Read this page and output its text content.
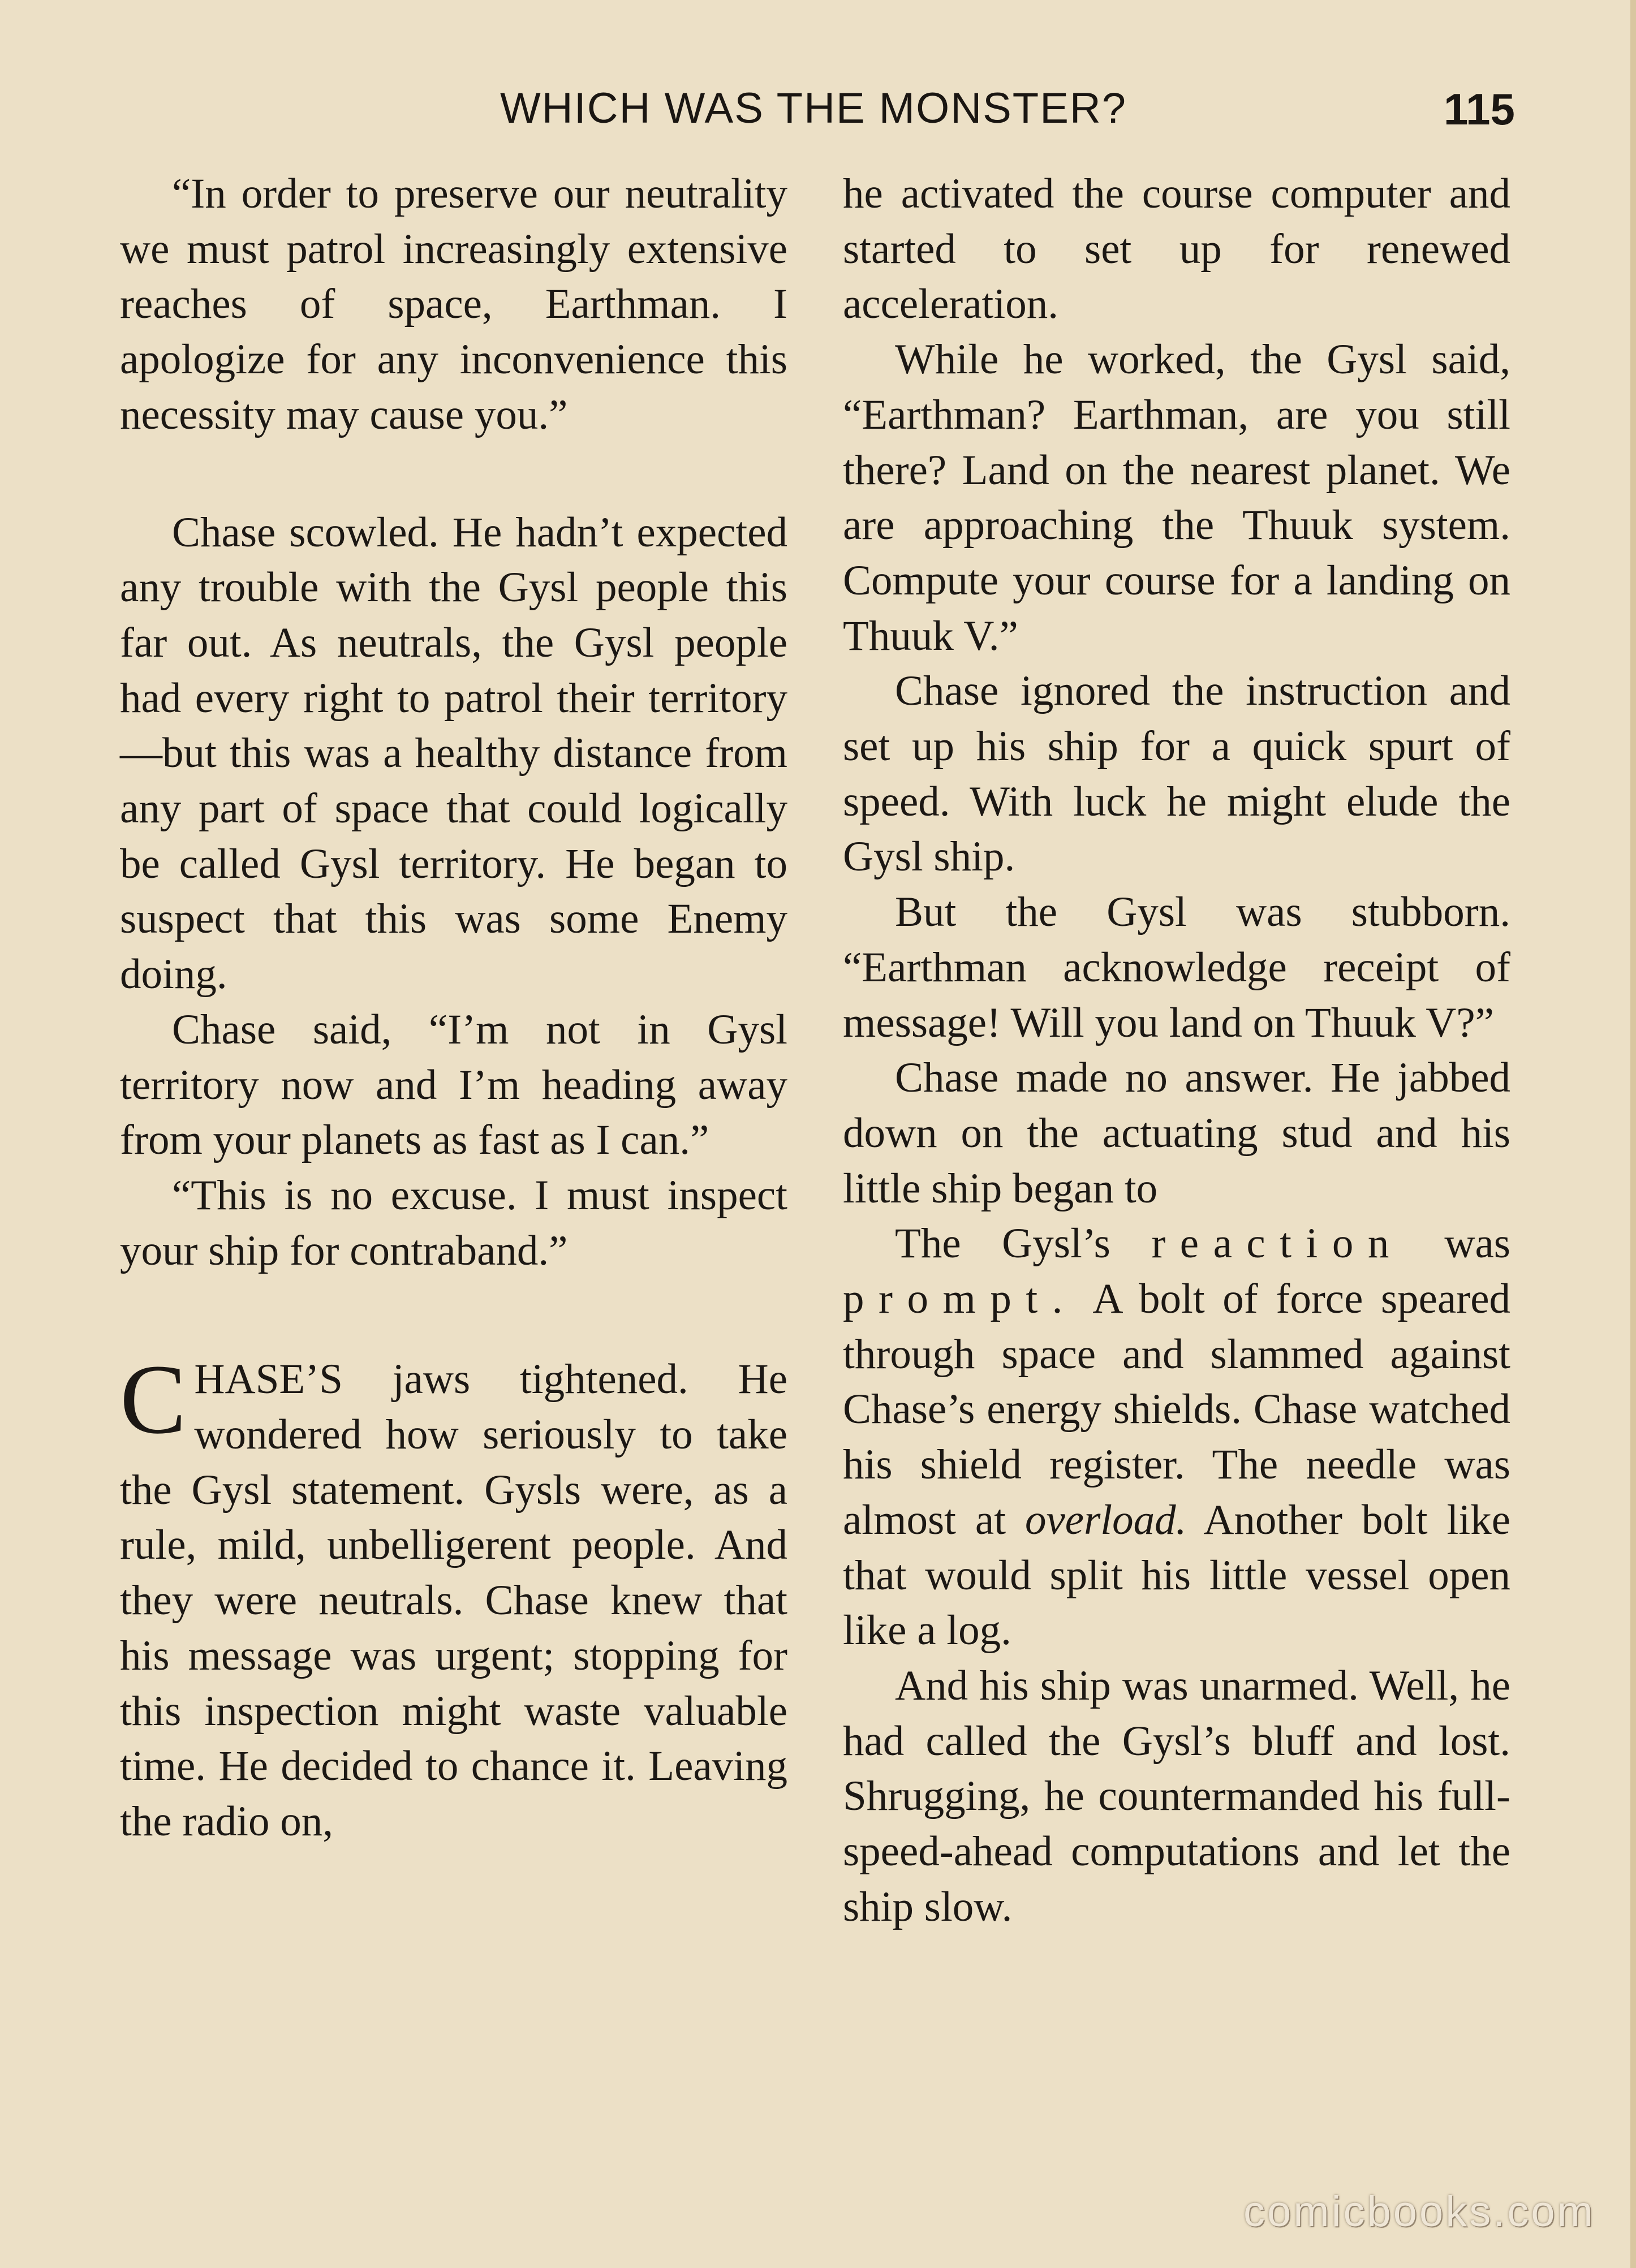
WHICH WAS THE MONSTER?	115

“In order to preserve our neutrality we must patrol increasingly extensive reaches of space, Earthman. I apologize for any inconvenience this necessity may cause you.”

Chase scowled. He hadn’t expected any trouble with the Gysl people this far out. As neutrals, the Gysl people had every right to patrol their territory—but this was a healthy distance from any part of space that could logically be called Gysl territory. He began to suspect that this was some Enemy doing.

Chase said, “I’m not in Gysl territory now and I’m heading away from your planets as fast as I can.”

“This is no excuse. I must inspect your ship for contraband.”

CHASE’S jaws tightened. He wondered how seriously to take the Gysl statement. Gysls were, as a rule, mild, unbelligerent people. And they were neutrals. Chase knew that his message was urgent; stopping for this inspection might waste valuable time. He decided to chance it. Leaving the radio on,

he activated the course computer and started to set up for renewed acceleration.

While he worked, the Gysl said, “Earthman? Earthman, are you still there? Land on the nearest planet. We are approaching the Thuuk system. Compute your course for a landing on Thuuk V.”

Chase ignored the instruction and set up his ship for a quick spurt of speed. With luck he might elude the Gysl ship.

But the Gysl was stubborn. “Earthman acknowledge receipt of message! Will you land on Thuuk V?”

Chase made no answer. He jabbed down on the actuating stud and his little ship began to

The Gysl’s reaction was prompt. A bolt of force speared through space and slammed against Chase’s energy shields. Chase watched his shield register. The needle was almost at overload. Another bolt like that would split his little vessel open like a log.

And his ship was unarmed. Well, he had called the Gysl’s bluff and lost. Shrugging, he countermanded his full-speed-ahead computations and let the ship slow.

comicbooks.com
